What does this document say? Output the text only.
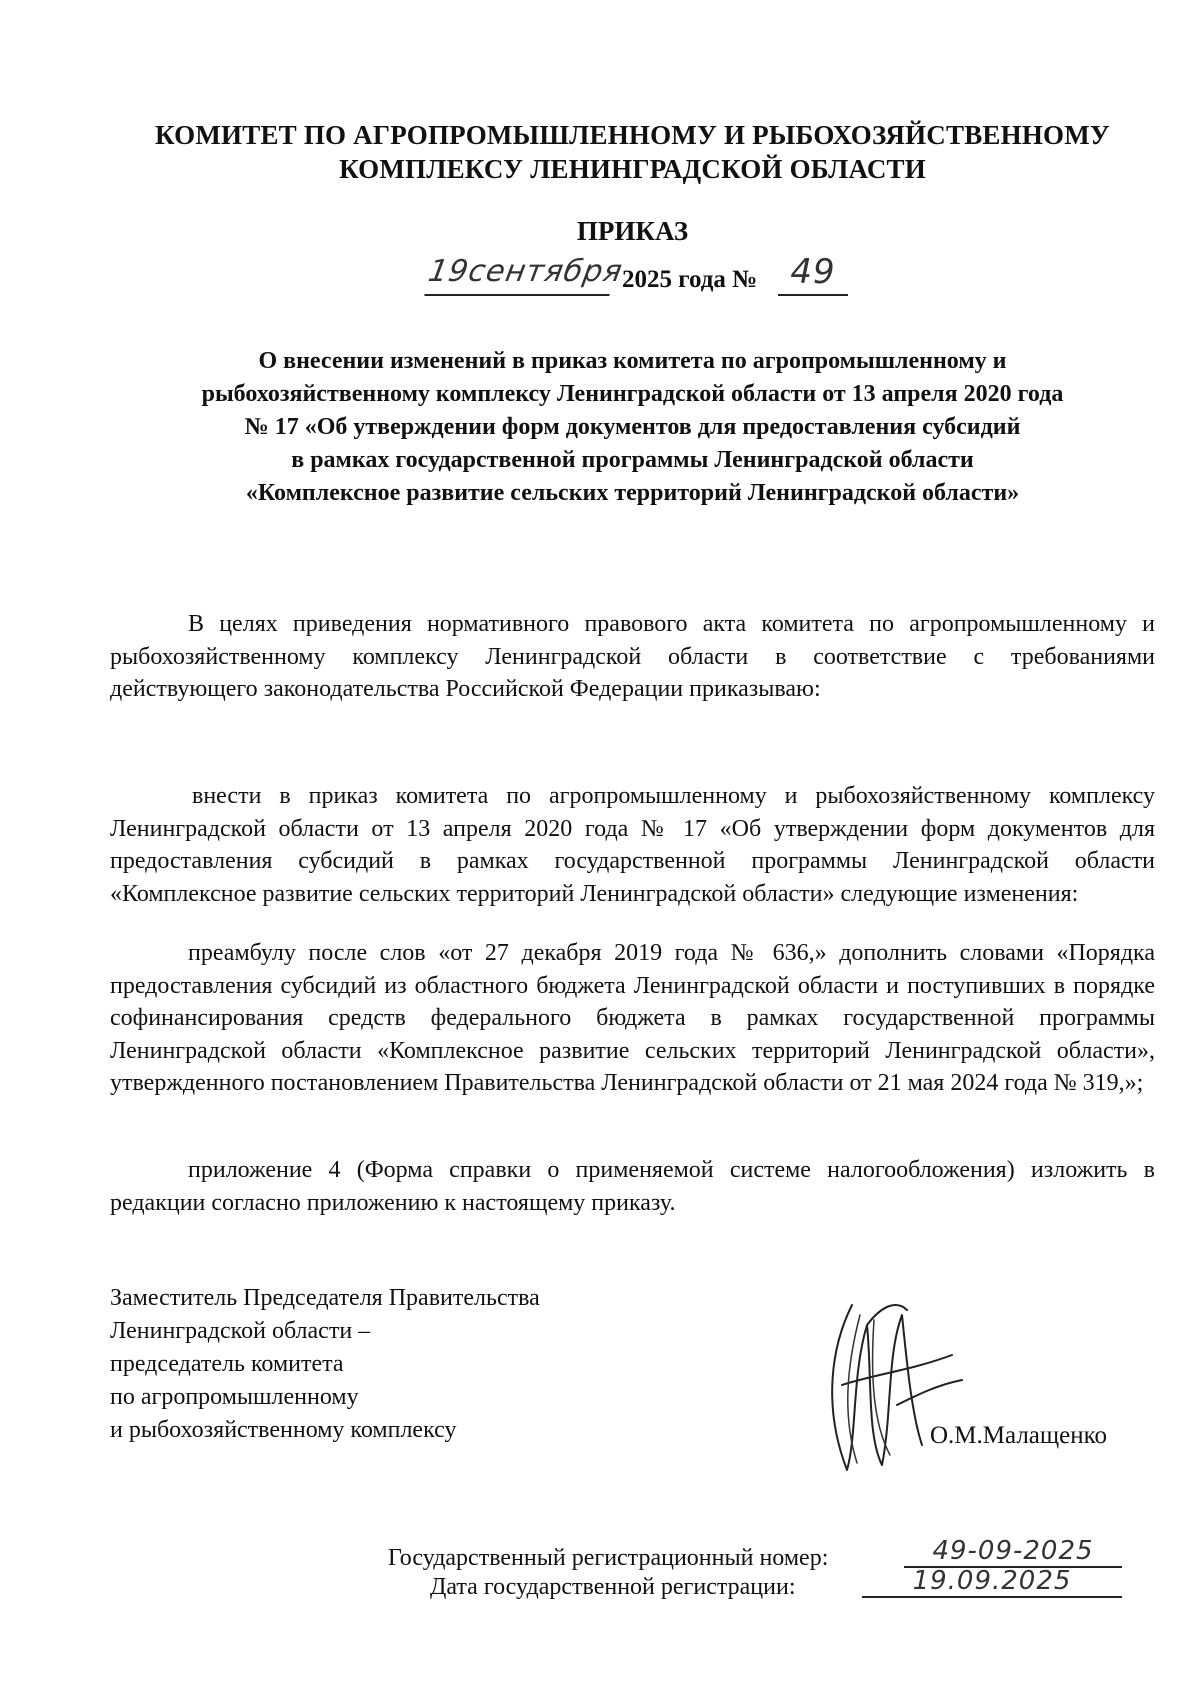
КОМИТЕТ ПО АГРОПРОМЫШЛЕННОМУ И РЫБОХОЗЯЙСТВЕННОМУ
КОМПЛЕКСУ ЛЕНИНГРАДСКОЙ ОБЛАСТИ
ПРИКАЗ
19сентября
2025 года № 49
О внесении изменений в приказ комитета по агропромышленному и
рыбохозяйственному комплексу Ленинградской области от 13 апреля 2020 года
№ 17 «Об утверждении форм документов для предоставления субсидий
в рамках государственной программы Ленинградской области
«Комплексное развитие сельских территорий Ленинградской области»
В целях приведения нормативного правового акта комитета по агропромышленному и рыбохозяйственному комплексу Ленинградской области в соответствие с требованиями действующего законодательства Российской Федерации приказываю:
внести в приказ комитета по агропромышленному и рыбохозяйственному комплексу Ленинградской области от 13 апреля 2020 года № 17 «Об утверждении форм документов для предоставления субсидий в рамках государственной программы Ленинградской области «Комплексное развитие сельских территорий Ленинградской области» следующие изменения:
преамбулу после слов «от 27 декабря 2019 года № 636,» дополнить словами «Порядка предоставления субсидий из областного бюджета Ленинградской области и поступивших в порядке софинансирования средств федерального бюджета в рамках государственной программы Ленинградской области «Комплексное развитие сельских территорий Ленинградской области», утвержденного постановлением Правительства Ленинградской области от 21 мая 2024 года № 319,»;
приложение 4 (Форма справки о применяемой системе налогообложения) изложить в редакции согласно приложению к настоящему приказу.
Заместитель Председателя Правительства
Ленинградской области –
председатель комитета
по агропромышленному
и рыбохозяйственному комплексу	О.М.Малащенко
Государственный регистрационный номер:	49-09-2025
Дата государственной регистрации:	19.09.2025
